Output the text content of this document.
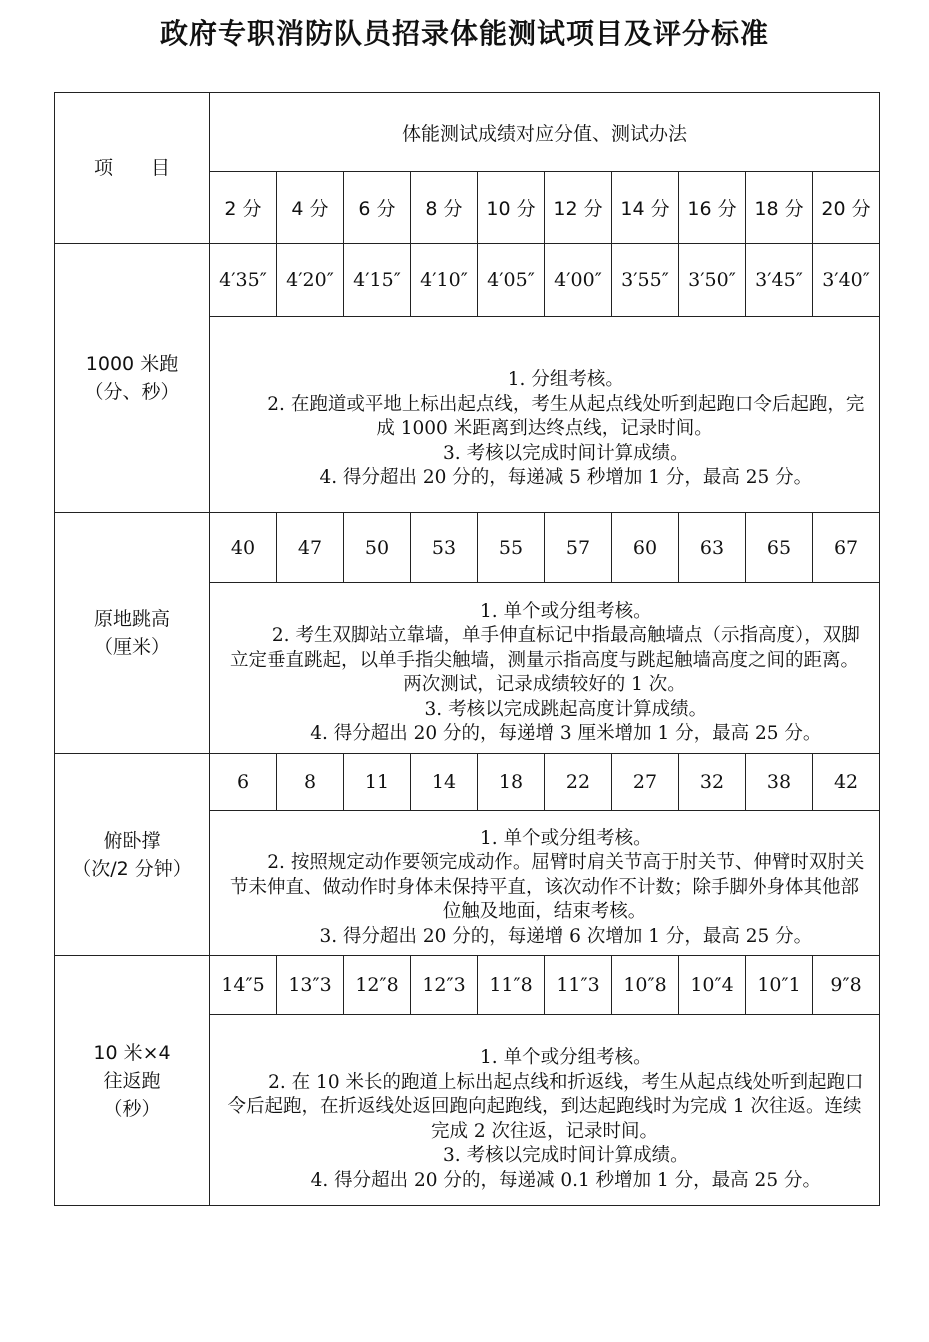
政府专职消防队员招录体能测试项目及评分标准
项　　目	体能测试成绩对应分值、测试办法									
	2 分	4 分	6 分	8 分	10 分	12 分	14 分	16 分	18 分	20 分

1000 米跑
（分、秒）	4′35″	4′20″	4′15″	4′10″	4′05″	4′00″	3′55″	3′50″	3′45″	3′40″

	1. 分组考核。
2. 在跑道或平地上标出起点线，考生从起点线处听到起跑口令后起跑，完成 1000 米距离到达终点线，记录时间。
3. 考核以完成时间计算成绩。
4. 得分超出 20 分的，每递减 5 秒增加 1 分，最高 25 分。									

原地跳高
（厘米）	40	47	50	53	55	57	60	63	65	67

	1. 单个或分组考核。
2. 考生双脚站立靠墙，单手伸直标记中指最高触墙点（示指高度），双脚立定垂直跳起，以单手指尖触墙，测量示指高度与跳起触墙高度之间的距离。两次测试，记录成绩较好的 1 次。
3. 考核以完成跳起高度计算成绩。
4. 得分超出 20 分的，每递增 3 厘米增加 1 分，最高 25 分。									

俯卧撑
（次/2 分钟）	6	8	11	14	18	22	27	32	38	42

	1. 单个或分组考核。
2. 按照规定动作要领完成动作。屈臂时肩关节高于肘关节、伸臂时双肘关节未伸直、做动作时身体未保持平直，该次动作不计数；除手脚外身体其他部位触及地面，结束考核。
3. 得分超出 20 分的，每递增 6 次增加 1 分，最高 25 分。									

10 米×4
往返跑
（秒）	14″5	13″3	12″8	12″3	11″8	11″3	10″8	10″4	10″1	9″8

	1. 单个或分组考核。
2. 在 10 米长的跑道上标出起点线和折返线，考生从起点线处听到起跑口令后起跑，在折返线处返回跑向起跑线，到达起跑线时为完成 1 次往返。连续完成 2 次往返，记录时间。
3. 考核以完成时间计算成绩。
4. 得分超出 20 分的，每递减 0.1 秒增加 1 分，最高 25 分。									
